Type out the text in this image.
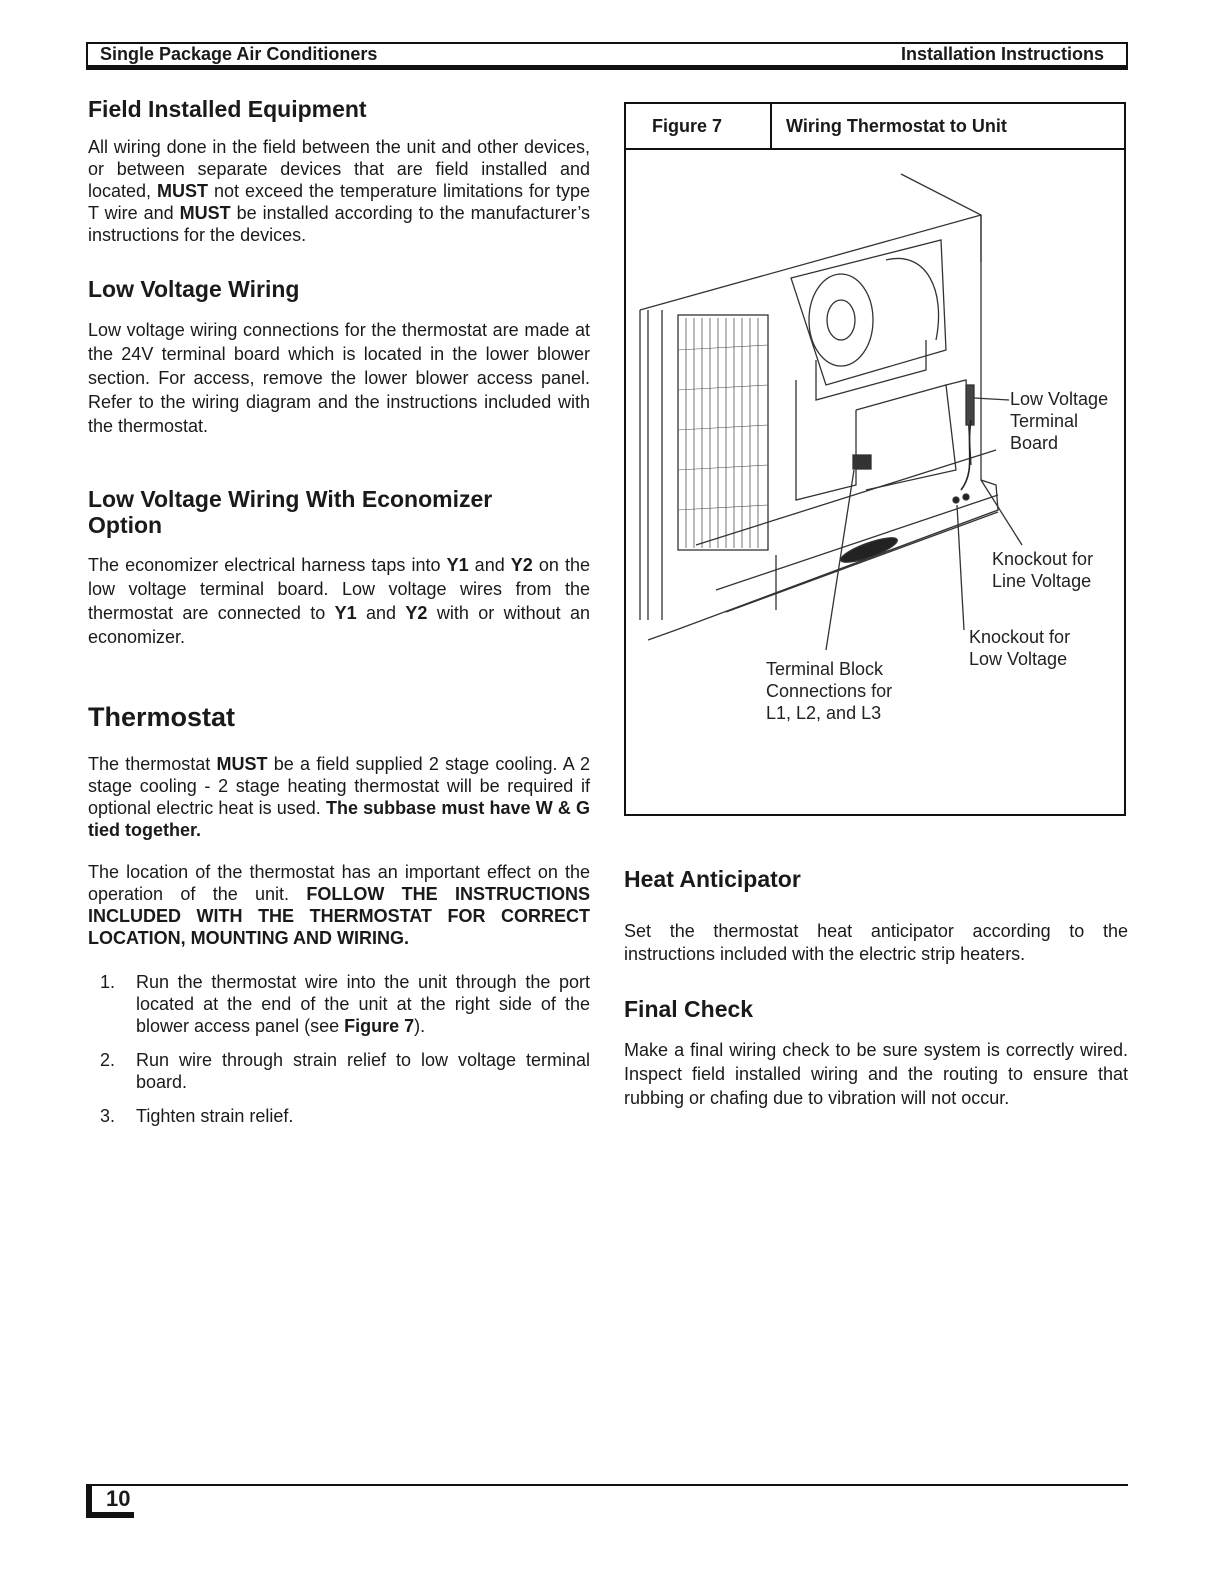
Single Package Air Conditioners	Installation Instructions
Field Installed Equipment

All wiring done in the field between the unit and other devices, or between separate devices that are field installed and located, MUST not exceed the temperature limitations for type T wire and MUST be installed according to the manufacturer’s instructions for the devices.

Low Voltage Wiring

Low voltage wiring connections for the thermostat are made at the 24V terminal board which is located in the lower blower section. For access, remove the lower blower access panel. Refer to the wiring diagram and the instructions included with the thermostat.

Low Voltage Wiring With Economizer
Option

The economizer electrical harness taps into Y1 and Y2 on the low voltage terminal board. Low voltage wires from the thermostat are connected to Y1 and Y2 with or without an economizer.

Thermostat

The thermostat MUST be a field supplied 2 stage cooling. A 2 stage cooling - 2 stage heating thermostat will be required if optional electric heat is used. The subbase must have W & G tied together.

The location of the thermostat has an important effect on the operation of the unit. FOLLOW THE INSTRUCTIONS INCLUDED WITH THE THERMOSTAT FOR CORRECT LOCATION, MOUNTING AND WIRING.

1. Run the thermostat wire into the unit through the port located at the end of the unit at the right side of the blower access panel (see Figure 7).
2. Run wire through strain relief to low voltage terminal board.
3. Tighten strain relief.
Figure 7	Wiring Thermostat to Unit
Low Voltage
Terminal
Board
Knockout for
Line Voltage
Knockout for
Low Voltage
Terminal Block
Connections for
L1, L2, and L3
Heat Anticipator

Set the thermostat heat anticipator according to the instructions included with the electric strip heaters.

Final Check

Make a final wiring check to be sure system is correctly wired. Inspect field installed wiring and the routing to ensure that rubbing or chafing due to vibration will not occur.

10
